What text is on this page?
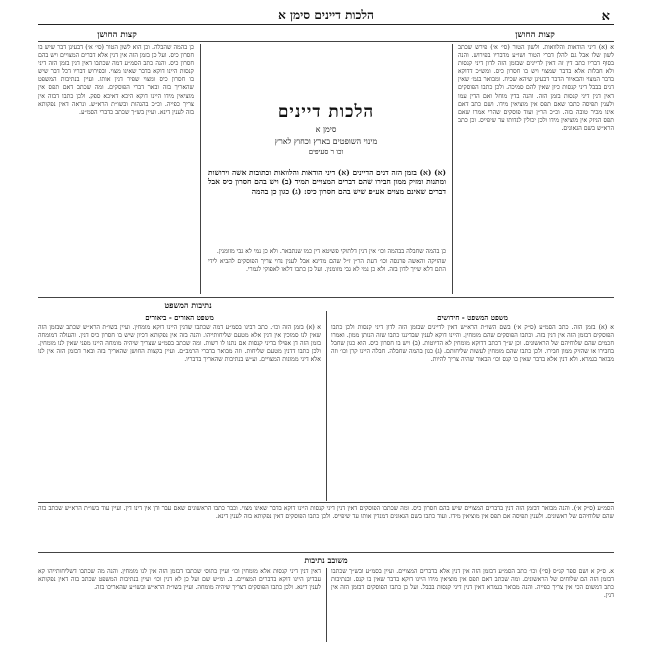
הלכות דיינים סימן א	א
קצות החושן	קצות החושן

א (א) דיני הודאות והלוואות. ולשון הטור (סי׳ א׳) פירש שכתב לשון שלו אבל גם להלן דברי הטור ושו״ע מדבריו בפירוש. והנה בסוף דבריו כתב דין זה דאין לדיינים שבזמן הזה לדון דיני קנסות ולא חבלות אלא בדבר שמצוי ויש בו חסרון כיס. ומש״כ דדוקא בדבר המצוי והבאיור הדבר דבעינן שיהא שכיח. ומבואר בגמ׳ שאין דנים בבבל דיני קנסות כיון שאין להם סמיכה. ולכן כתבו הפוסקים דאין דנין דיני קנסות בזמן הזה. והנה בדין מוחל ואם הדין עמו ולענין תפיסה כתבו שאם תפס אין מוציאין מידו. ושם כתב דאם אינו מכיר טובה בזה. וכ״כ הר״ן ועוד פוסקים שהרי אמרו שאם תפס הניזק אין מוציאין מידו ולכן יכולין לנדותו עד שיפייס. וכן כתב הרא״ש בשם הגאונים.

כן בהמה שהבלה. וכן הוא לשון הטור (סי׳ א׳) דבעינן דבר שיש בו חסרון כיס. ועל כן בזמן הזה אין דנין אלא דברים המצויים ויש בהם חסרון כיס. והנה כתב הסמ״ע דמה שכתבו דאין דנין בזמן הזה דיני קנסות היינו דוקא בדבר שאינו מצוי. ובפירוש דבריו דכל דבר שיש בו חסרון כיס ומצוי שפיר דנין אותו. ועיין בנתיבות המשפט שהאריך בזה ובאר דברי הפוסקים. ומה שכתב דאם תפס אין מוציאין מידו היינו דוקא היכא דאיכא ספק. ולכן כתבו דבזה אין צריך כפייה. וכ״כ בהגהות ובשו״ת הרא״ש. ונראה דאין נפקותא בזה לענין דינא. ועיין בש״ך שכתב כדברי הסמ״ע.	הלכות דיינים
סימן א
מינוי השופטים בארץ וכחוץ לארץ
וכו ר סעיפים

(א) (א) בזמן הזה דנים הדיינים (א) דיני הודאות והלוואות וכתובות אשה וירושות ומתנות ומזיק ממון חבירו שהם דברים המצויים תמיד (ב) ויש בהם חסרון כיס אבל דברים שאינם מצוים אע״פ שיש בהם חסרון כיס: (ג) כגון כן בהמה

כן בהמה שחבלה בבהמה וכו׳ אין דנין דלתוקי פשיטא דין כמו שנתבאר. ולא כן נמי לא גבי מזומנין.

שהזיקה והאשה פרנסה וכו׳ דעת הר״ן ז״ל שהם מדינא אבל לענין נדוי צריך הפוסקים להביא לידי התם דלא שייך לדון בזה. ולא כן נמי לא גבי מזומנין. ועל כן כתבו דלאו לאפוקי לגמרי.

נתיבות המשפט
משפט האורים - ביאורים	משפט המשפט - חידושים

א (א) בזמן הזה. כתב הסמ״ע (ס״ק א׳) בשם השו״ת הרא״ש דאין לדיינים שבזמן הזה לדון דיני קנסות ולכן כתבו הפוסקים דבזמן הזה אין דנין בזה. וכתבו הפוסקים שהם מומחין. והיינו דוקא לענין שבדיננו כתבו שזה הנותן ממון. ואמרו חכמים שהם שלוחיהם של הראשונים. וכן ש״ך דכתב דדוקא מומחין לא הדיוטות. (ב) ויש בו חסרון כיס. הוא כגון שחבל בחבירו או שהזיק ממון חבירו. ולכן כתבו שהם מומחין לעשות שליחותם. (ג) כגון בהמה שחבלה. חבלה היינו קרן וכו׳ וזה מבואר בגמרא. ולא דנין אלא בדבר שאין בו קנס וכו׳ הבאור שהיה צריך להיות.

א (א) בזמן הזה וכו׳. כתב רבינו בסמ״ע דמה שכתבו שדנין היינו דוקא מומחין. ועיין בשו״ת הרא״ש שכתב שבזמן הזה שאין לנו סמוכין אין דנין אלא מטעם שליחותייהו. והנה בזה אין נפקותא דכיון שיש בו חסרון כיס דנין. והעולה דמומחה בזמן הזה דן אפילו בדיני קנסות אם נתנו לו רשות. ומה שכתב בסמ״ע שצריך שיהיה מומחה היינו מפני שאין לנו מומחין. ולכן כתבו דדנין מטעם שליחות. וזה מבואר בדברי הרמב״ם. ועיין בקצות החושן שהאריך בזה ובאר דבזמן הזה אין לנו אלא דיני ממונות המצויים. וע״ש בנתיבות שהאריך בדבריו.

הסמ״ע (ס״ק א׳). והנה מבואר דבזמן הזה דנין בדברים המצויים שיש בהם חסרון כיס. ומה שכתבו הפוסקים דאין דנין דיני קנסות היינו דוקא בדבר שאינו מצוי. וכבר כתבו הראשונים שאם עבר ודן אין דינו דין. ועיין עוד בשו״ת הרא״ש שכתב בזה שהם שלוחיהם של ראשונים. ולענין תפיסה אם תפס אין מוציאין מידו. ועוד כתבו בשם הגאונים דמנדין אותו עד שיפייס. ולכן כתבו הפוסקים דאין נפקותא בזה לענין דינא.

משובב נתיבות

א. ס״ק א ושם ספר קנ״ס (סי׳) וכו׳ כתב הסמ״ע דבזמן הזה אין דנין אלא בדברים המצויים. ועיין בסמ״ע ובש״ך שכתבו דבזמן הזה הם שלוחים של הראשונים. ומה שכתב דאם תפס אין מוציאין מידו היינו דוקא בדבר שאין בו קנס. ובנתיבות כתב דמשום הכי אין צריך כפייה. והנה מבואר בגמרא דאין דנין דיני קנסות בבבל. ועל כן כתבו הפוסקים דבזמן הזה אין דנין.

דאין דנין דיני קנסות אלא מומחין וכו׳ ועיין בתוס׳ שכתבו דבזמן הזה אין לנו מומחין. והנה מה שכתבו דשליחותייהו קא עבדינן היינו דוקא בדברים המצויים. ב. ומ״ש שם ועל כן לא דנין וכו׳ ועיין בנתיבות המשפט שכתב בזה דאין נפקותא לענין דינא. ולכן כתבו הפוסקים דצריך שיהיה מומחה. ועיין בשו״ת הרא״ש ובשו״ע שהאריכו בזה.
